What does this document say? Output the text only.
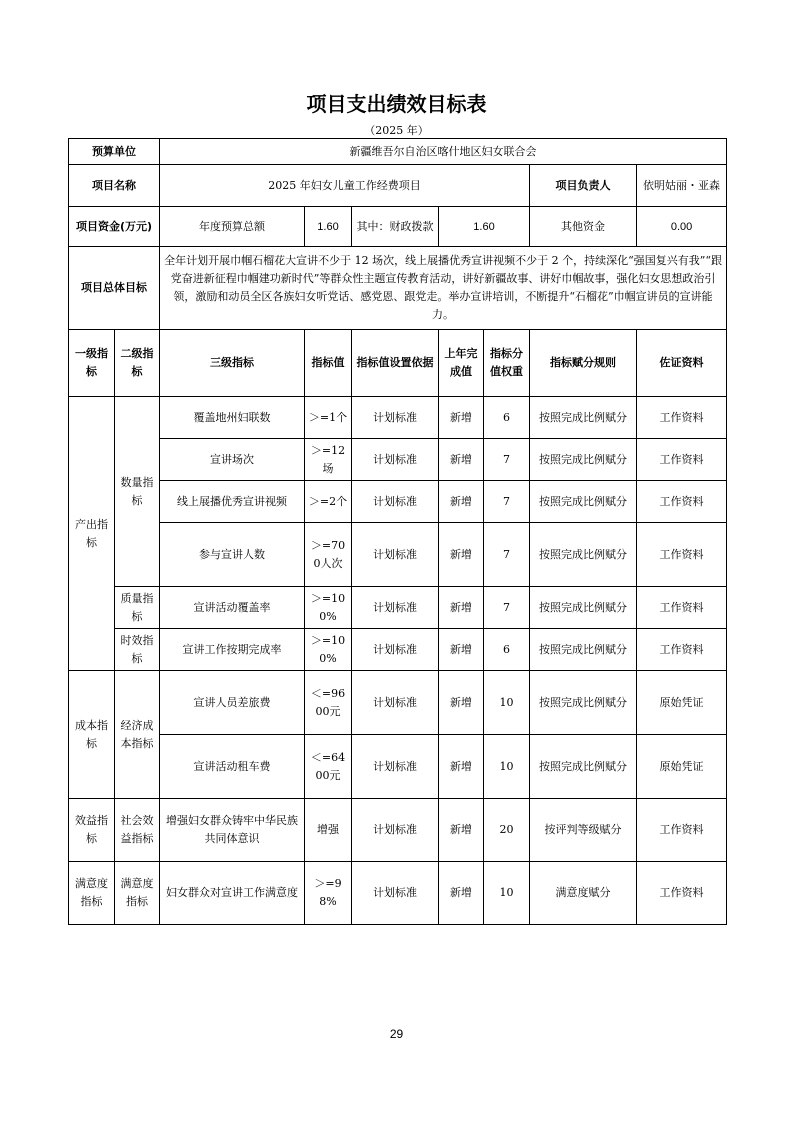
项目支出绩效目标表
（2025 年）
预算单位		新疆维吾尔自治区喀什地区妇女联合会						
项目名称		2025 年妇女儿童工作经费项目					项目负责人	依明姑丽・亚森
项目资金(万元)		年度预算总额	1.60	其中：财政拨款	1.60		其他资金	0.00
项目总体目标		全年计划开展巾帼石榴花大宣讲不少于 12 场次，线上展播优秀宣讲视频不少于 2 个，持续深化“强国复兴有我”“跟党奋进新征程巾帼建功新时代”等群众性主题宣传教育活动，讲好新疆故事、讲好巾帼故事，强化妇女思想政治引领，激励和动员全区各族妇女听党话、感党恩、跟党走。举办宣讲培训，不断提升“石榴花”巾帼宣讲员的宣讲能力。						
一级指标	二级指标	三级指标	指标值	指标值设置依据	上年完成值	指标分值权重	指标赋分规则	佐证资料
产出指标	数量指标	覆盖地州妇联数	＞=1个	计划标准	新增	6	按照完成比例赋分	工作资料
		宣讲场次	＞=12场	计划标准	新增	7	按照完成比例赋分	工作资料
		线上展播优秀宣讲视频	＞=2个	计划标准	新增	7	按照完成比例赋分	工作资料
		参与宣讲人数	＞=700人次	计划标准	新增	7	按照完成比例赋分	工作资料
	质量指标	宣讲活动覆盖率	＞=100%	计划标准	新增	7	按照完成比例赋分	工作资料
	时效指标	宣讲工作按期完成率	＞=100%	计划标准	新增	6	按照完成比例赋分	工作资料
成本指标	经济成本指标	宣讲人员差旅费	＜=9600元	计划标准	新增	10	按照完成比例赋分	原始凭证
		宣讲活动租车费	＜=6400元	计划标准	新增	10	按照完成比例赋分	原始凭证
效益指标	社会效益指标	增强妇女群众铸牢中华民族共同体意识	增强	计划标准	新增	20	按评判等级赋分	工作资料
满意度指标	满意度指标	妇女群众对宣讲工作满意度	＞=98%	计划标准	新增	10	满意度赋分	工作资料
29
